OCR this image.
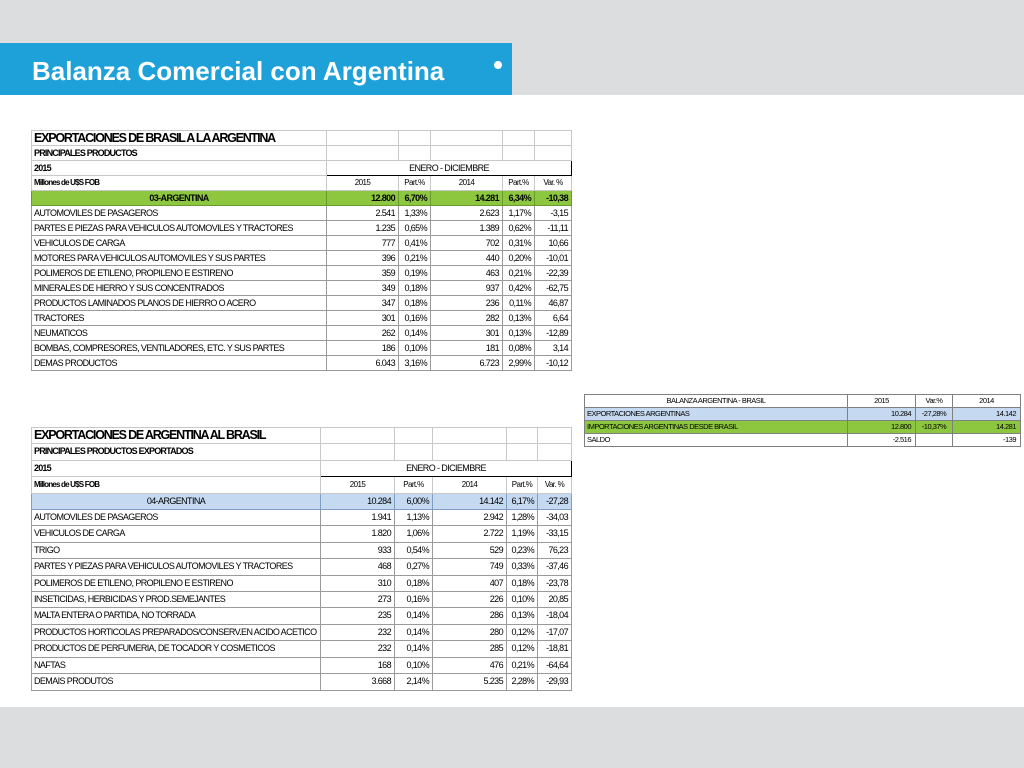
Balanza Comercial con Argentina
EXPORTACIONES DE BRASIL A LA ARGENTINA					
PRINCIPALES PRODUCTOS					
2015	ENERO - DICIEMBRE				
Millones de U$S FOB	2015	Part.%	2014	Part.%	Var. %
03-ARGENTINA	12.800	6,70%	14.281	6,34%	-10,38
AUTOMOVILES DE PASAGEROS	2.541	1,33%	2.623	1,17%	-3,15
PARTES E PIEZAS PARA VEHICULOS AUTOMOVILES Y TRACTORES	1.235	0,65%	1.389	0,62%	-11,11
VEHICULOS DE CARGA	777	0,41%	702	0,31%	10,66
MOTORES PARA VEHICULOS AUTOMOVILES Y SUS PARTES	396	0,21%	440	0,20%	-10,01
POLIMEROS DE ETILENO, PROPILENO E ESTIRENO	359	0,19%	463	0,21%	-22,39
MINERALES DE HIERRO Y SUS CONCENTRADOS	349	0,18%	937	0,42%	-62,75
PRODUCTOS LAMINADOS PLANOS DE HIERRO O ACERO	347	0,18%	236	0,11%	46,87
TRACTORES	301	0,16%	282	0,13%	6,64
NEUMATICOS	262	0,14%	301	0,13%	-12,89
BOMBAS, COMPRESORES, VENTILADORES, ETC. Y SUS PARTES	186	0,10%	181	0,08%	3,14
DEMAS PRODUCTOS	6.043	3,16%	6.723	2,99%	-10,12
EXPORTACIONES DE ARGENTINA AL BRASIL					
PRINCIPALES PRODUCTOS EXPORTADOS					
2015	ENERO - DICIEMBRE				
Millones de U$S FOB	2015	Part.%	2014	Part.%	Var. %
04-ARGENTINA	10.284	6,00%	14.142	6,17%	-27,28
AUTOMOVILES DE PASAGEROS	1.941	1,13%	2.942	1,28%	-34,03
VEHICULOS DE CARGA	1.820	1,06%	2.722	1,19%	-33,15
TRIGO	933	0,54%	529	0,23%	76,23
PARTES Y PIEZAS PARA VEHICULOS AUTOMOVILES Y TRACTORES	468	0,27%	749	0,33%	-37,46
POLIMEROS DE ETILENO, PROPILENO E ESTIRENO	310	0,18%	407	0,18%	-23,78
INSETICIDAS, HERBICIDAS Y PROD.SEMEJANTES	273	0,16%	226	0,10%	20,85
MALTA ENTERA O PARTIDA, NO TORRADA	235	0,14%	286	0,13%	-18,04
PRODUCTOS HORTICOLAS PREPARADOS/CONSERV.EN ACIDO ACETICO	232	0,14%	280	0,12%	-17,07
PRODUCTOS DE PERFUMERIA, DE TOCADOR Y COSMETICOS	232	0,14%	285	0,12%	-18,81
NAFTAS	168	0,10%	476	0,21%	-64,64
DEMAIS PRODUTOS	3.668	2,14%	5.235	2,28%	-29,93
BALANZA ARGENTINA - BRASIL	2015	Var.%	2014
EXPORTACIONES ARGENTINAS	10.284	-27,28%	14.142
IMPORTACIONES ARGENTINAS DESDE BRASIL	12.800	-10,37%	14.281
SALDO	-2.516		-139
